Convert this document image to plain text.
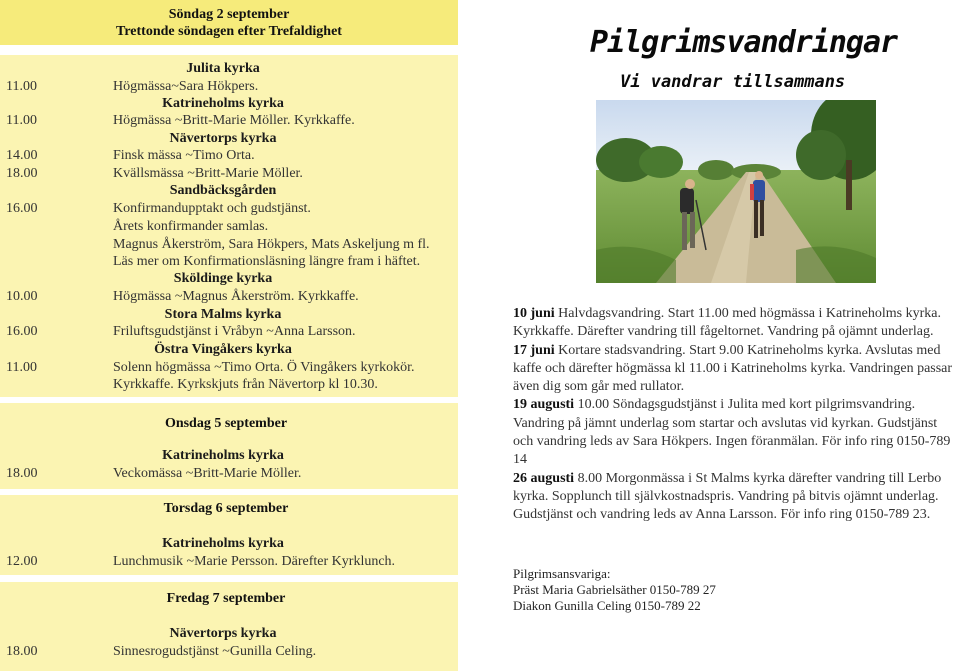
Söndag 2 september
Trettonde söndagen efter Trefaldighet
Julita kyrka
11.00	Högmässa~Sara Hökpers.
Katrineholms kyrka
11.00	Högmässa ~Britt-Marie Möller. Kyrkkaffe.
Nävertorps kyrka
14.00	Finsk mässa ~Timo Orta.
18.00	Kvällsmässa ~Britt-Marie Möller.
Sandbäcksgården
16.00	Konfirmandupptakt och gudstjänst.
Årets konfirmander samlas.
Magnus Åkerström, Sara Hökpers, Mats Askeljung m fl.
Läs mer om Konfirmationsläsning längre fram i häftet.
Sköldinge kyrka
10.00	Högmässa ~Magnus Åkerström. Kyrkkaffe.
Stora Malms kyrka
16.00	Friluftsgudstjänst i Vråbyn ~Anna Larsson.
Östra Vingåkers kyrka
11.00	Solenn högmässa ~Timo Orta. Ö Vingåkers kyrkokör.
Kyrkkaffe. Kyrkskjuts från Nävertorp kl 10.30.
Onsdag 5 september
Katrineholms kyrka
18.00	Veckomässa ~Britt-Marie Möller.
Torsdag 6 september
Katrineholms kyrka
12.00	Lunchmusik ~Marie Persson. Därefter Kyrklunch.
Fredag 7 september
Nävertorps kyrka
18.00	Sinnesrogudstjänst ~Gunilla Celing.
Pilgrimsvandringar
Vi vandrar tillsammans
10 juni Halvdagsvandring. Start 11.00 med högmässa i Katrineholms kyrka. Kyrkkaffe. Därefter vandring till fågeltornet. Vandring på ojämnt underlag.
17 juni Kortare stadsvandring. Start 9.00 Katrineholms kyrka. Avslutas med kaffe och därefter högmässa kl 11.00 i Katrineholms kyrka. Vandringen passar även dig som går med rullator.
19 augusti 10.00 Söndagsgudstjänst i Julita med kort pilgrimsvandring. Vandring på jämnt underlag som startar och avslutas vid kyrkan. Gudstjänst och vandring leds av Sara Hökpers. Ingen föranmälan. För info ring 0150-789 14
26 augusti 8.00 Morgonmässa i St Malms kyrka därefter vandring till Lerbo kyrka. Sopplunch till självkostnadspris. Vandring på bitvis ojämnt underlag. Gudstjänst och vandring leds av Anna Larsson. För info ring 0150-789 23.
Pilgrimsansvariga:
Präst Maria Gabrielsäther 0150-789 27
Diakon Gunilla Celing 0150-789 22
